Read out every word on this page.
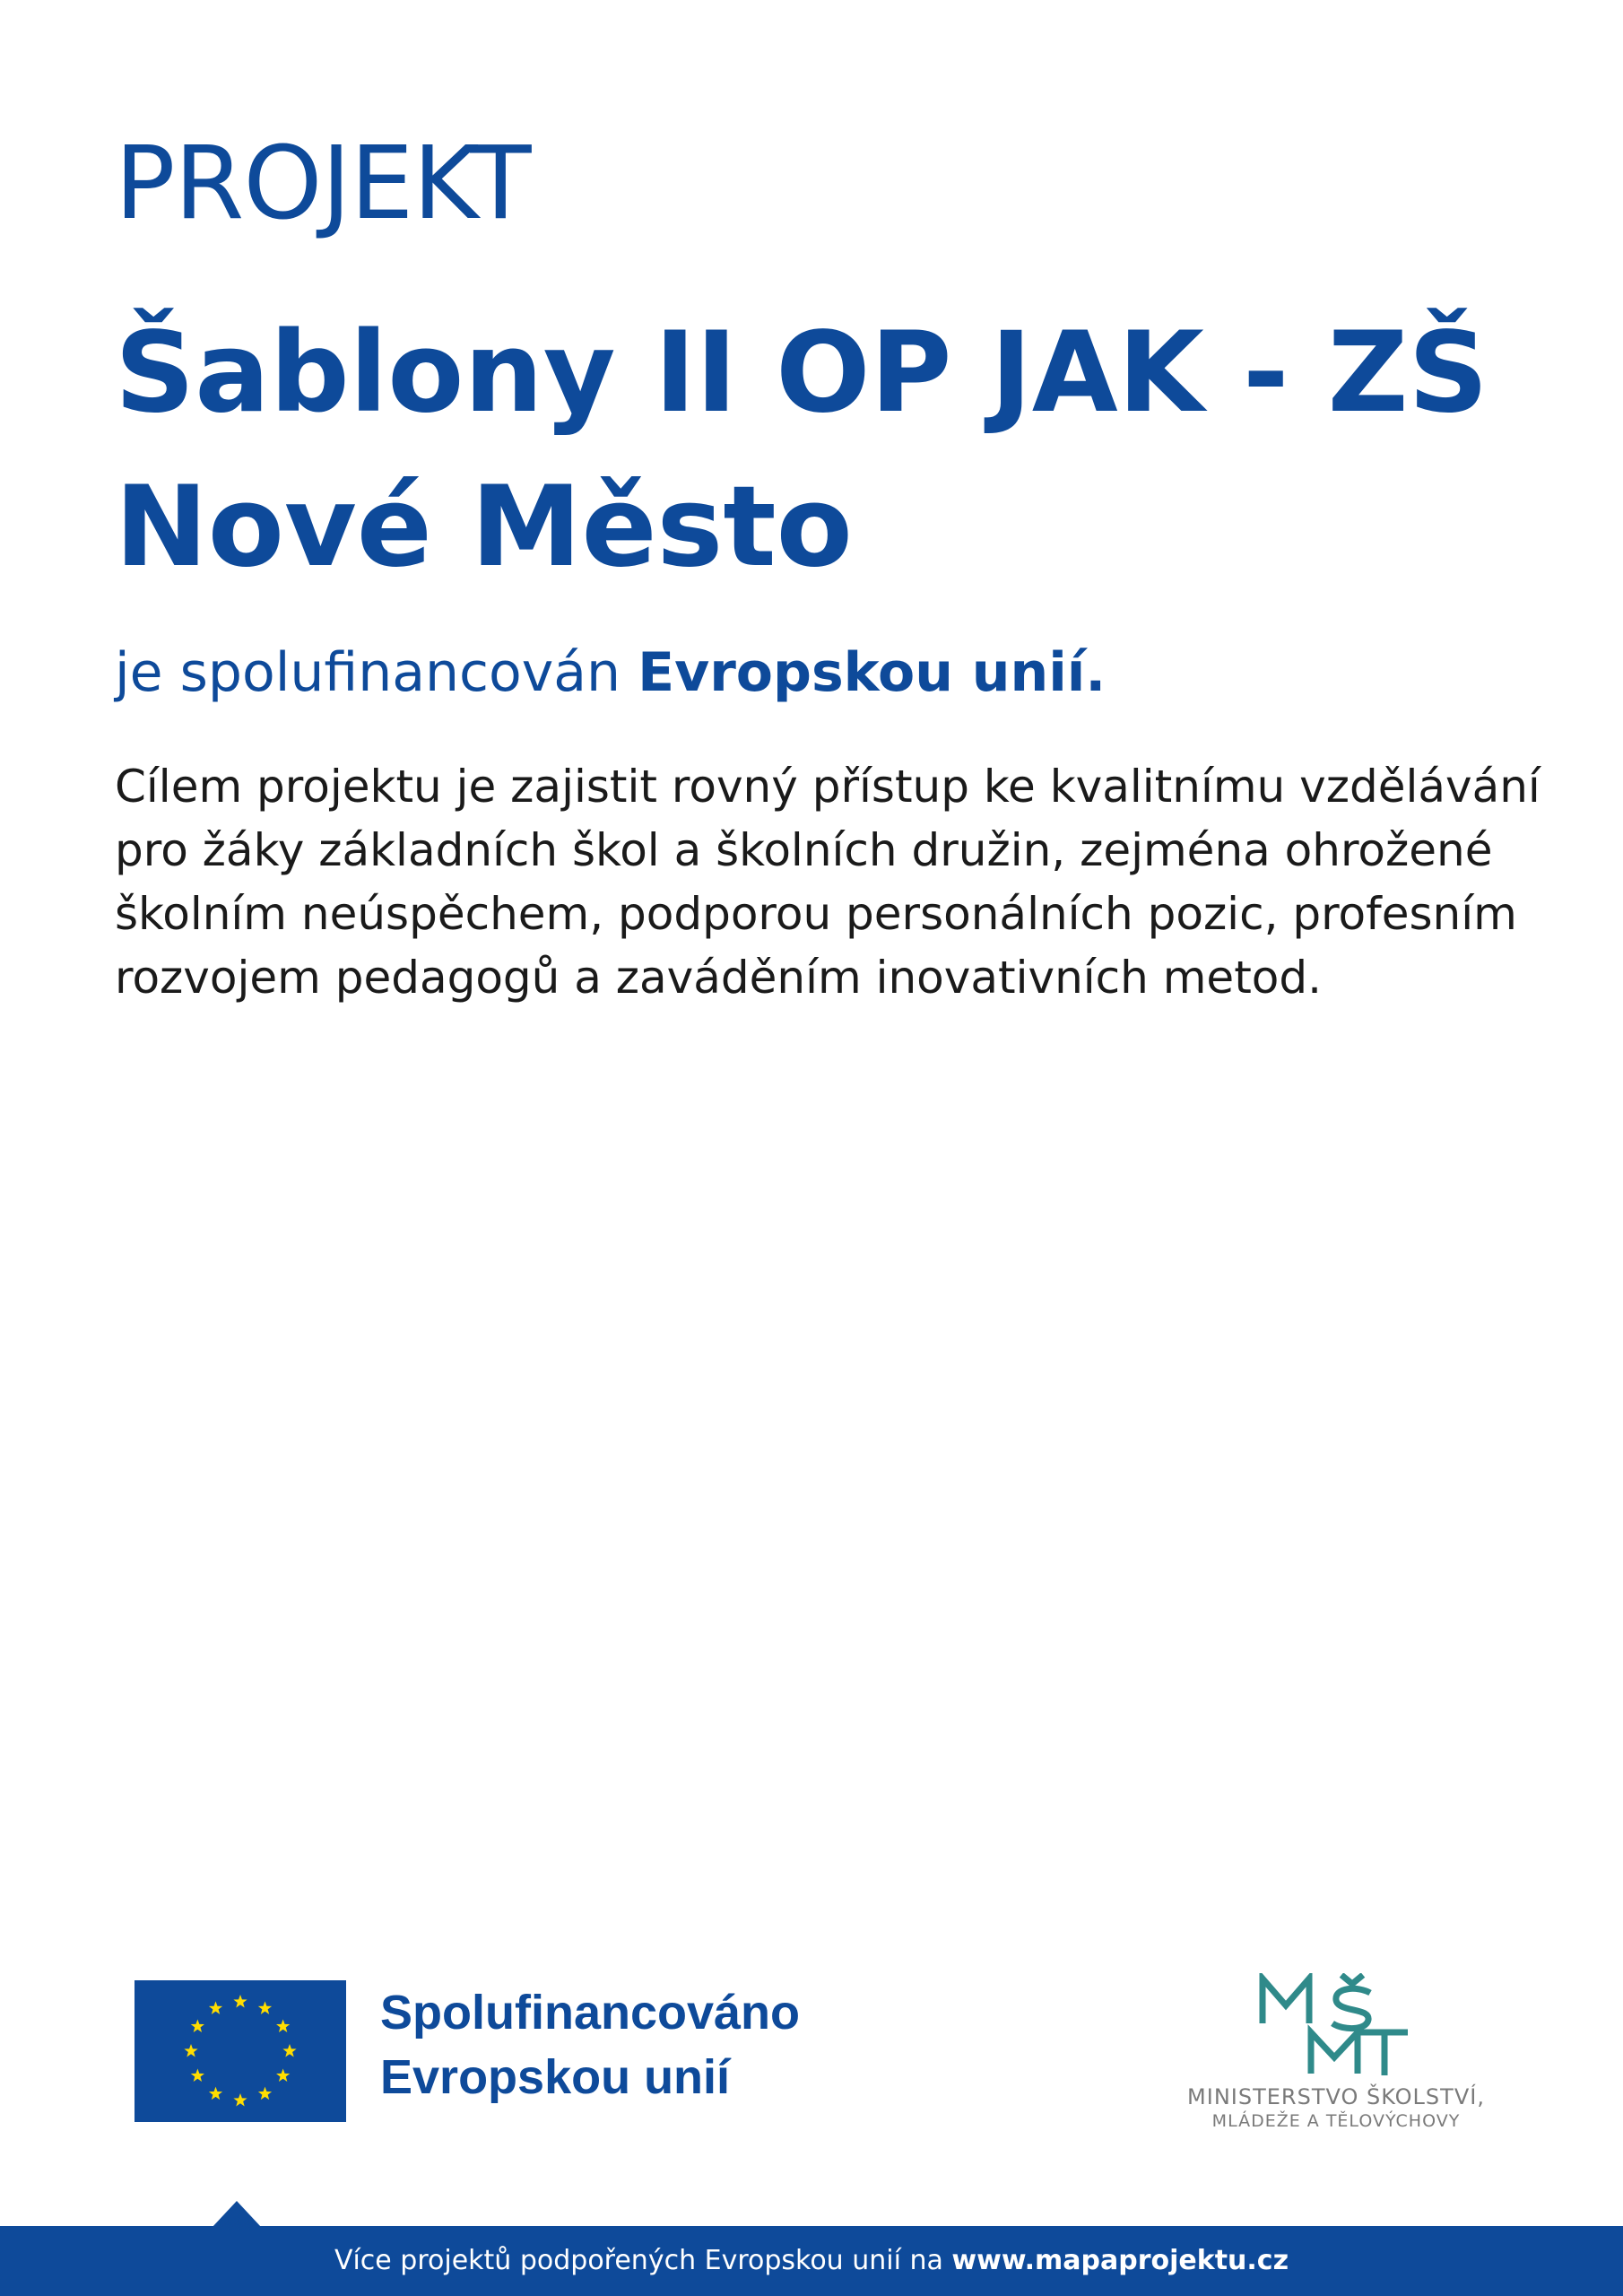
PROJEKT
Šablony II OP JAK - ZŠ
Nové Město

je spolufinancován Evropskou unií.

Cílem projektu je zajistit rovný přístup ke kvalitnímu vzdělávání pro žáky základních škol a školních družin, zejména ohrožené školním neúspěchem, podporou personálních pozic, profesním rozvojem pedagogů a zaváděním inovativních metod.

Spolufinancováno
Evropskou unií	MINISTERSTVO ŠKOLSTVÍ,
MLÁDEŽE A TĚLOVÝCHOVY
Více projektů podpořených Evropskou unií na www.mapaprojektu.cz
